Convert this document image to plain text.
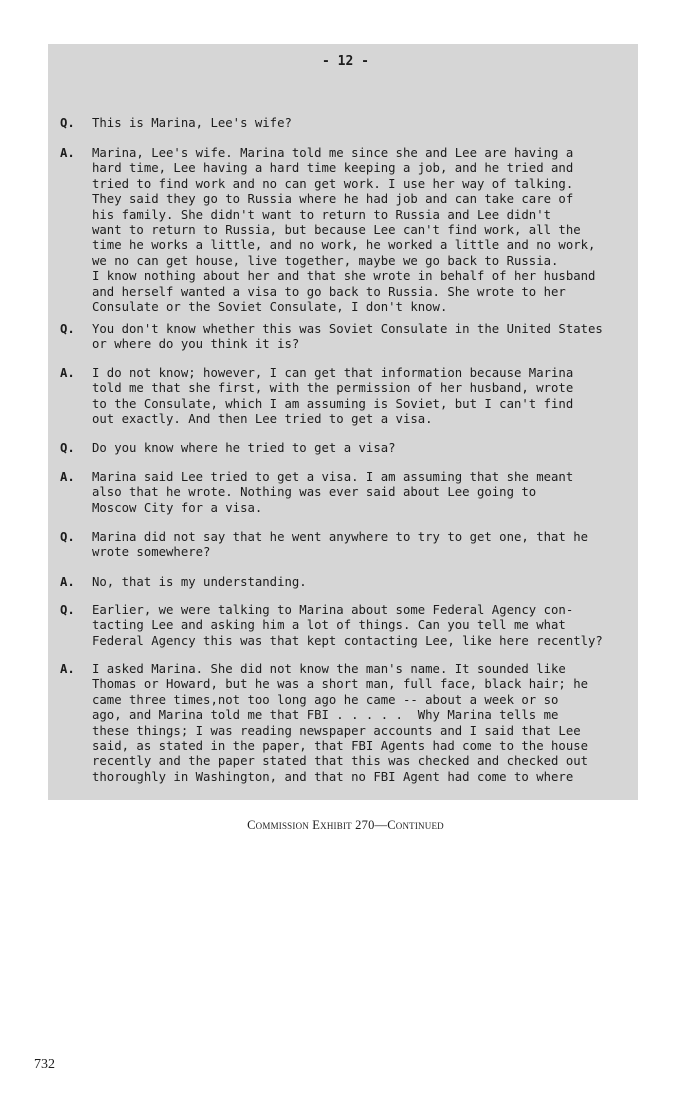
- 12 -
Q. This is Marina, Lee's wife?
A. Marina, Lee's wife. Marina told me since she and Lee are having a
hard time, Lee having a hard time keeping a job, and he tried and
tried to find work and no can get work. I use her way of talking.
They said they go to Russia where he had job and can take care of
his family. She didn't want to return to Russia and Lee didn't
want to return to Russia, but because Lee can't find work, all the
time he works a little, and no work, he worked a little and no work,
we no can get house, live together, maybe we go back to Russia.
I know nothing about her and that she wrote in behalf of her husband
and herself wanted a visa to go back to Russia. She wrote to her
Consulate or the Soviet Consulate, I don't know.
Q. You don't know whether this was Soviet Consulate in the United States
or where do you think it is?
A. I do not know; however, I can get that information because Marina
told me that she first, with the permission of her husband, wrote
to the Consulate, which I am assuming is Soviet, but I can't find
out exactly. And then Lee tried to get a visa.
Q. Do you know where he tried to get a visa?
A. Marina said Lee tried to get a visa. I am assuming that she meant
also that he wrote. Nothing was ever said about Lee going to
Moscow City for a visa.
Q. Marina did not say that he went anywhere to try to get one, that he
wrote somewhere?
A. No, that is my understanding.
Q. Earlier, we were talking to Marina about some Federal Agency con-
tacting Lee and asking him a lot of things. Can you tell me what
Federal Agency this was that kept contacting Lee, like here recently?
A. I asked Marina. She did not know the man's name. It sounded like
Thomas or Howard, but he was a short man, full face, black hair; he
came three times,not too long ago he came -- about a week or so
ago, and Marina told me that FBI . . . . .  Why Marina tells me
these things; I was reading newspaper accounts and I said that Lee
said, as stated in the paper, that FBI Agents had come to the house
recently and the paper stated that this was checked and checked out
thoroughly in Washington, and that no FBI Agent had come to where
Commission Exhibit 270—Continued
732
